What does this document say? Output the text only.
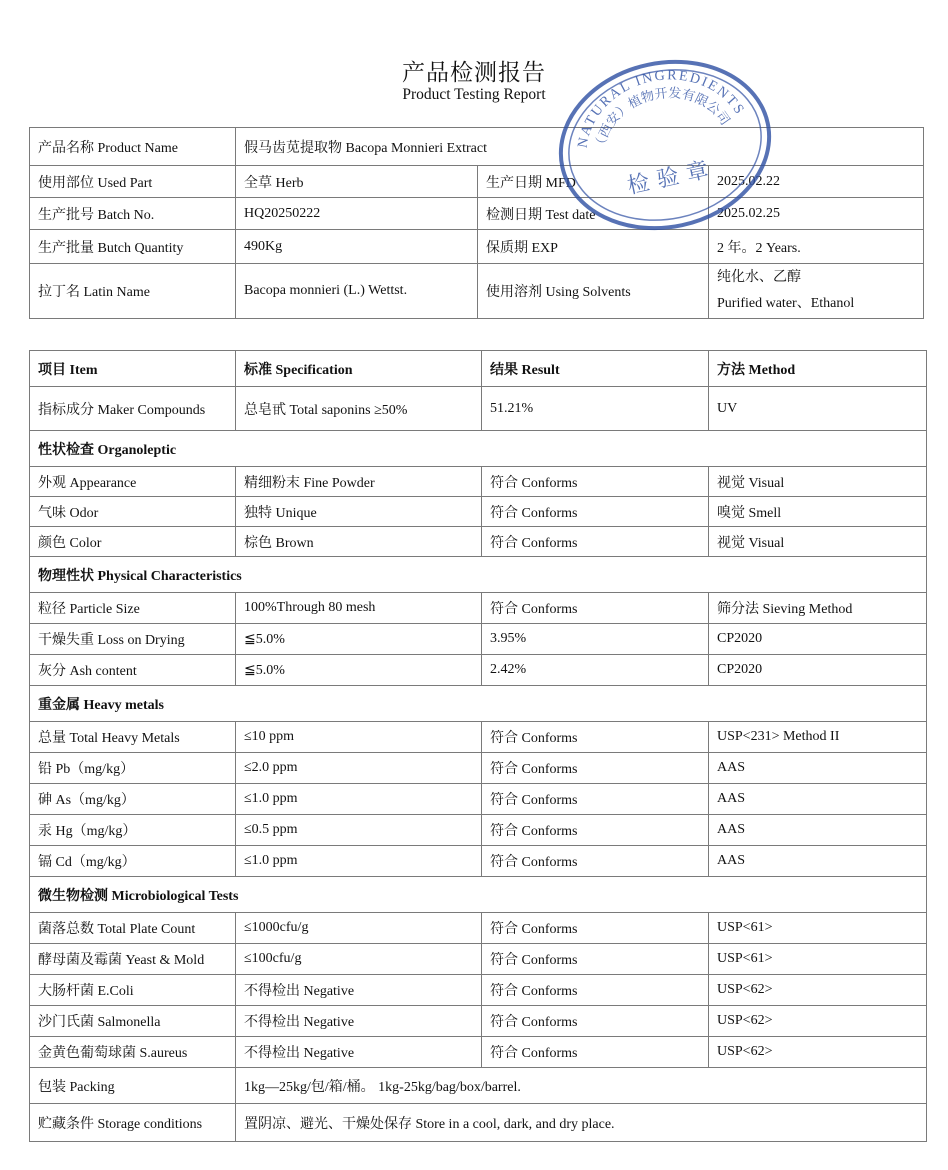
产品检测报告
Product Testing Report
产品名称 Product Name	假马齿苋提取物 Bacopa Monnieri Extract		
使用部位 Used Part	全草 Herb	生产日期 MFD	2025.02.22
生产批号 Batch No.	HQ20250222	检测日期 Test date	2025.02.25
生产批量 Butch Quantity	490Kg	保质期 EXP	2 年。2 Years.
拉丁名 Latin Name	Bacopa monnieri (L.) Wettst.	使用溶剂 Using Solvents	纯化水、乙醇
Purified water、Ethanol
NATURAL INGREDIENTS
（西安）植物开发有限公司
检验章
项目 Item	标准 Specification	结果 Result	方法 Method
指标成分 Maker Compounds	总皂甙 Total saponins ≥50%	51.21%	UV
性状检查 Organoleptic			
外观 Appearance	精细粉末 Fine Powder	符合 Conforms	视觉 Visual
气味 Odor	独特 Unique	符合 Conforms	嗅觉 Smell
颜色 Color	棕色 Brown	符合 Conforms	视觉 Visual
物理性状 Physical Characteristics			
粒径 Particle Size	100%Through 80 mesh	符合 Conforms	筛分法 Sieving Method
干燥失重 Loss on Drying	≦5.0%	3.95%	CP2020
灰分 Ash content	≦5.0%	2.42%	CP2020
重金属 Heavy metals			
总量 Total Heavy Metals	≤10 ppm	符合 Conforms	USP<231> Method II
铅 Pb（mg/kg）	≤2.0 ppm	符合 Conforms	AAS
砷 As（mg/kg）	≤1.0 ppm	符合 Conforms	AAS
汞 Hg（mg/kg）	≤0.5 ppm	符合 Conforms	AAS
镉 Cd（mg/kg）	≤1.0 ppm	符合 Conforms	AAS
微生物检测 Microbiological Tests			
菌落总数 Total Plate Count	≤1000cfu/g	符合 Conforms	USP<61>
酵母菌及霉菌 Yeast & Mold	≤100cfu/g	符合 Conforms	USP<61>
大肠杆菌 E.Coli	不得检出 Negative	符合 Conforms	USP<62>
沙门氏菌 Salmonella	不得检出 Negative	符合 Conforms	USP<62>
金黄色葡萄球菌 S.aureus	不得检出 Negative	符合 Conforms	USP<62>
包装 Packing	1kg—25kg/包/箱/桶。 1kg-25kg/bag/box/barrel.		
贮藏条件 Storage conditions	置阴凉、避光、干燥处保存 Store in a cool, dark, and dry place.		
